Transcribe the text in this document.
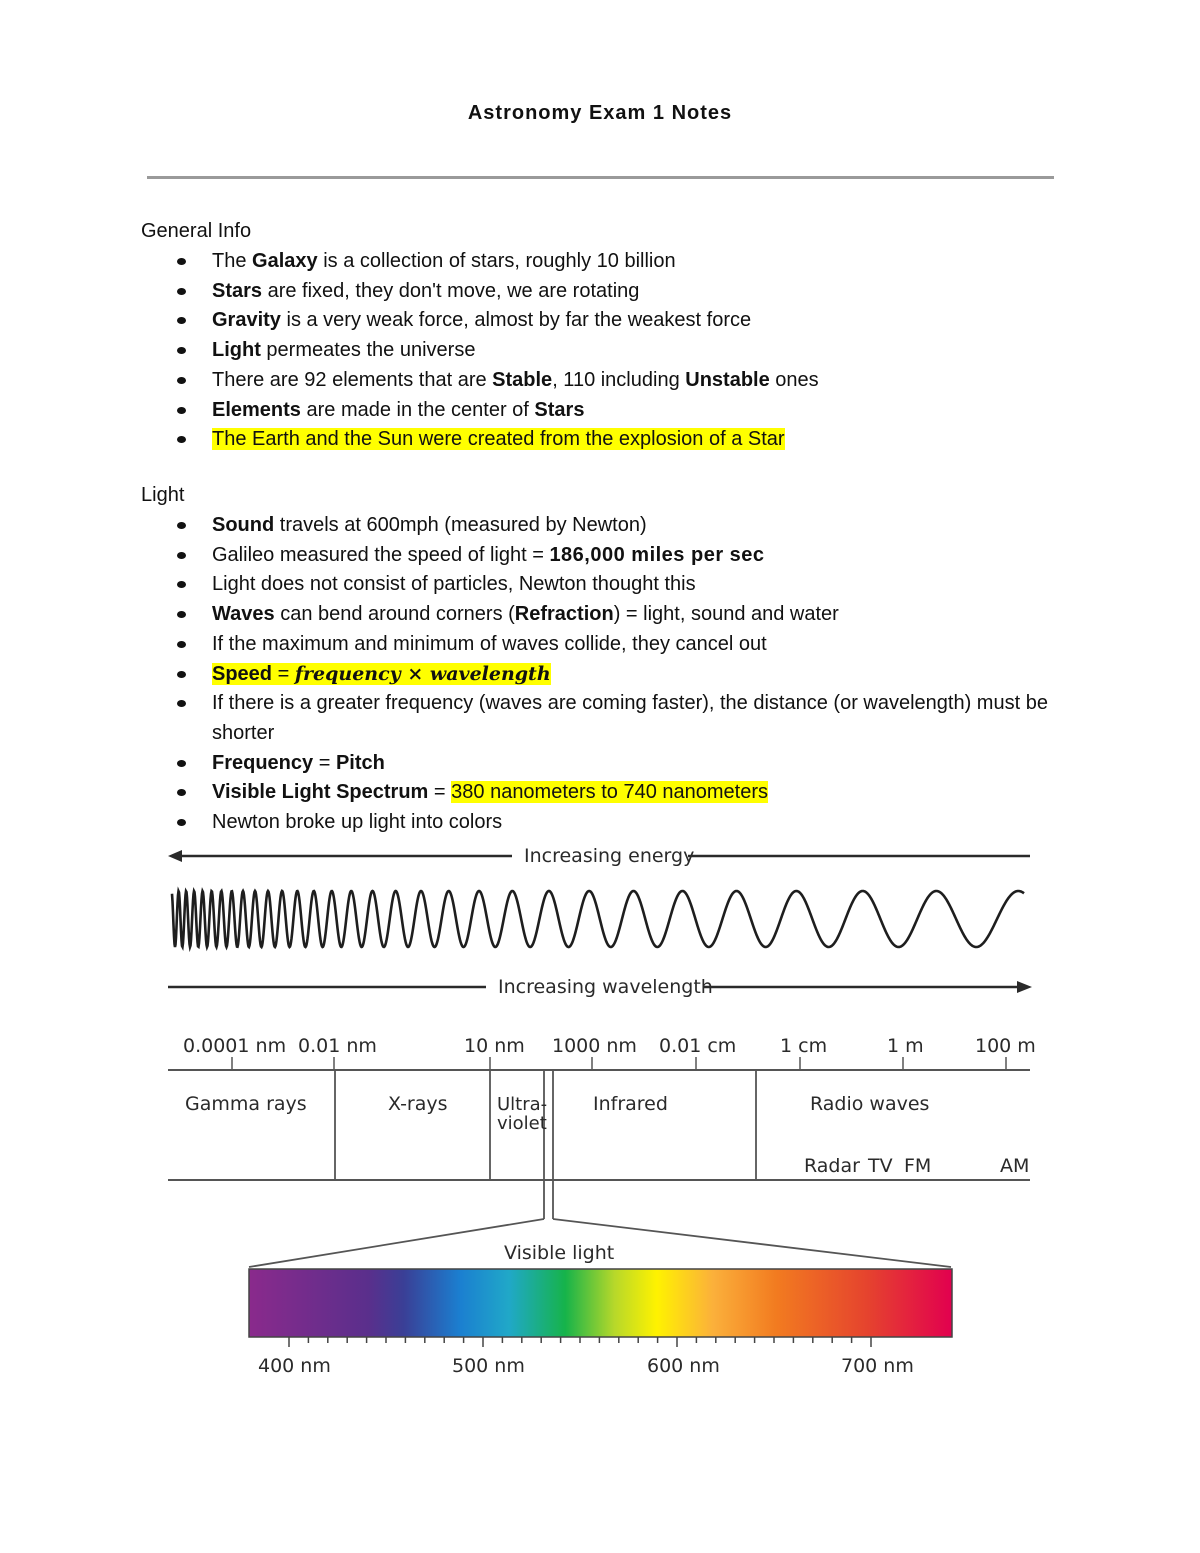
Astronomy Exam 1 Notes
General Info
The Galaxy is a collection of stars, roughly 10 billion
Stars are fixed, they don't move, we are rotating
Gravity is a very weak force, almost by far the weakest force
Light permeates the universe
There are 92 elements that are Stable, 110 including Unstable ones
Elements are made in the center of Stars
The Earth and the Sun were created from the explosion of a Star
Light
Sound travels at 600mph (measured by Newton)
Galileo measured the speed of light = 186,000 miles per sec
Light does not consist of particles, Newton thought this
Waves can bend around corners (Refraction) = light, sound and water
If the maximum and minimum of waves collide, they cancel out
Speed = frequency × wavelength
If there is a greater frequency (waves are coming faster), the distance (or wavelength) must be shorter
Frequency = Pitch
Visible Light Spectrum = 380 nanometers to 740 nanometers
Newton broke up light into colors
Increasing energy
Increasing wavelength
0.0001 nm 0.01 nm	10 nm 1000 nm 0.01 cm 1 cm	1 m	100 m
Gamma rays	X-rays	Ultra-
violet
Infrared	Radio waves
Radar TV FM	AM
Visible light
400 nm	500 nm	600 nm	700 nm
